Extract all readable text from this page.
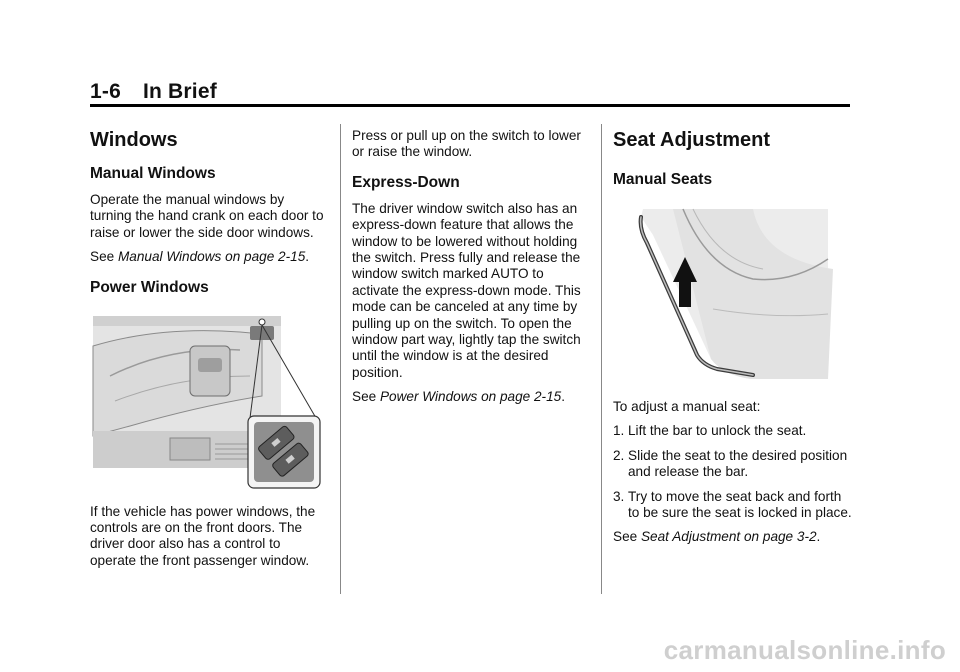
1-6 In Brief
Windows
Manual Windows

Operate the manual windows by turning the hand crank on each door to raise or lower the side door windows.

See Manual Windows on page 2-15.

Power Windows

If the vehicle has power windows, the controls are on the front doors. The driver door also has a control to operate the front passenger window.

Press or pull up on the switch to lower or raise the window.

Express-Down

The driver window switch also has an express-down feature that allows the window to be lowered without holding the switch. Press fully and release the window switch marked AUTO to activate the express-down mode. This mode can be canceled at any time by pulling up on the switch. To open the window part way, lightly tap the switch until the window is at the desired position.

See Power Windows on page 2-15.

Seat Adjustment
Manual Seats

To adjust a manual seat:

1. Lift the bar to unlock the seat.
2. Slide the seat to the desired position and release the bar.
3. Try to move the seat back and forth to be sure the seat is locked in place.

See Seat Adjustment on page 3-2.

carmanualsonline.info
